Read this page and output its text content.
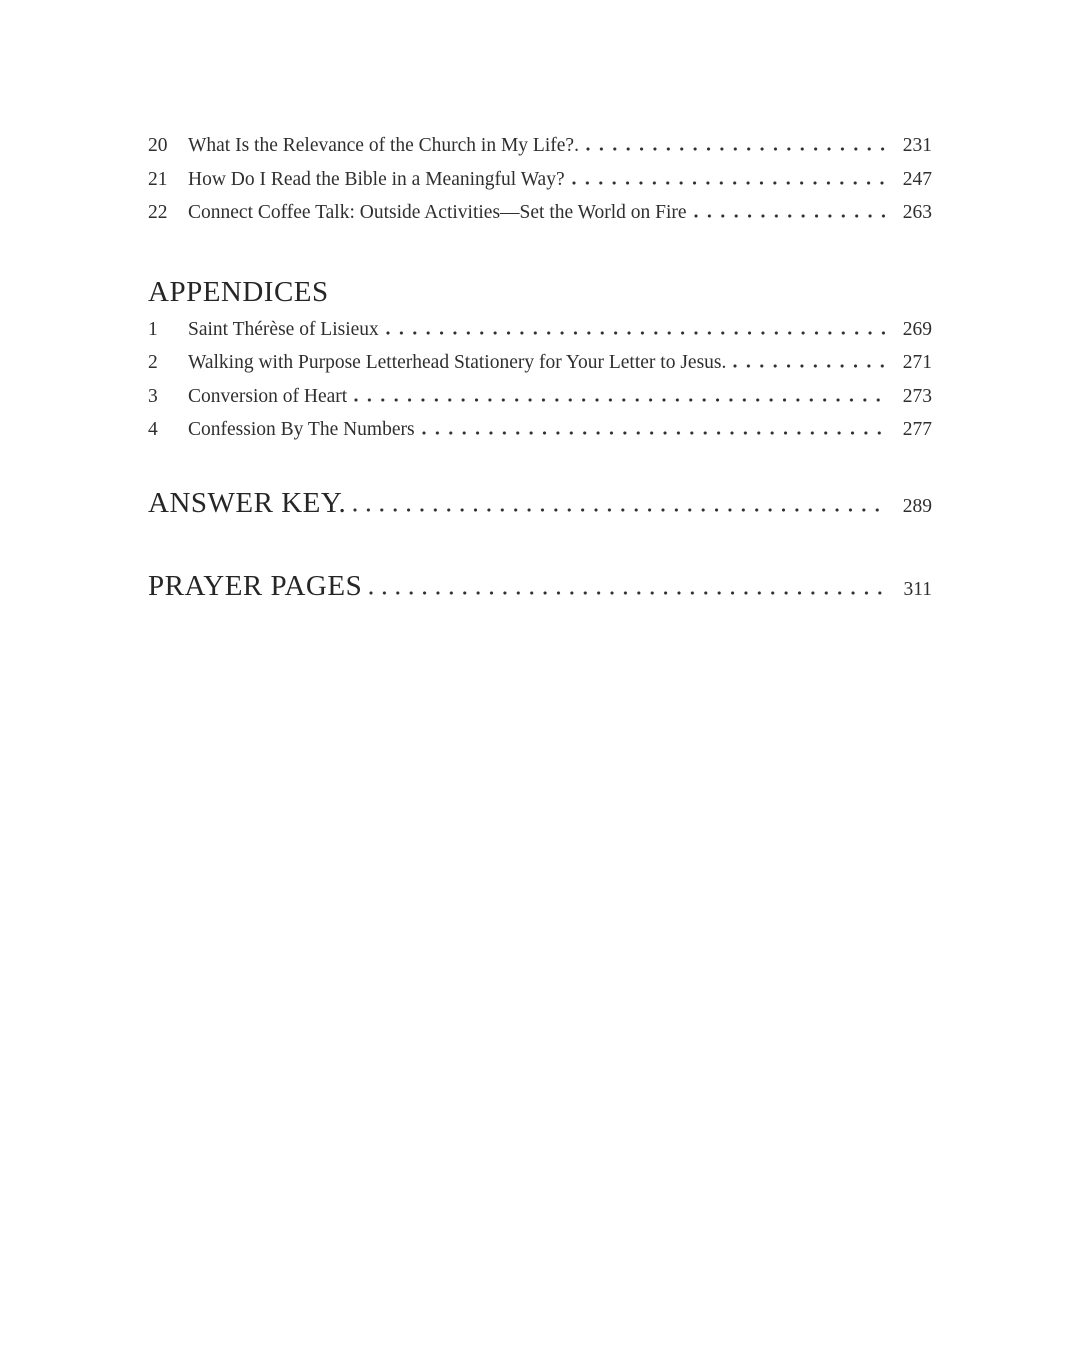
20	What Is the Relevance of the Church in My Life?.	231
21	How Do I Read the Bible in a Meaningful Way?	247
22	Connect Coffee Talk: Outside Activities—Set the World on Fire	263
APPENDICES
1	Saint Thérèse of Lisieux	269
2	Walking with Purpose Letterhead Stationery for Your Letter to Jesus.	271
3	Conversion of Heart	273
4	Confession By The Numbers	277
ANSWER KEY.	289
PRAYER PAGES	311
